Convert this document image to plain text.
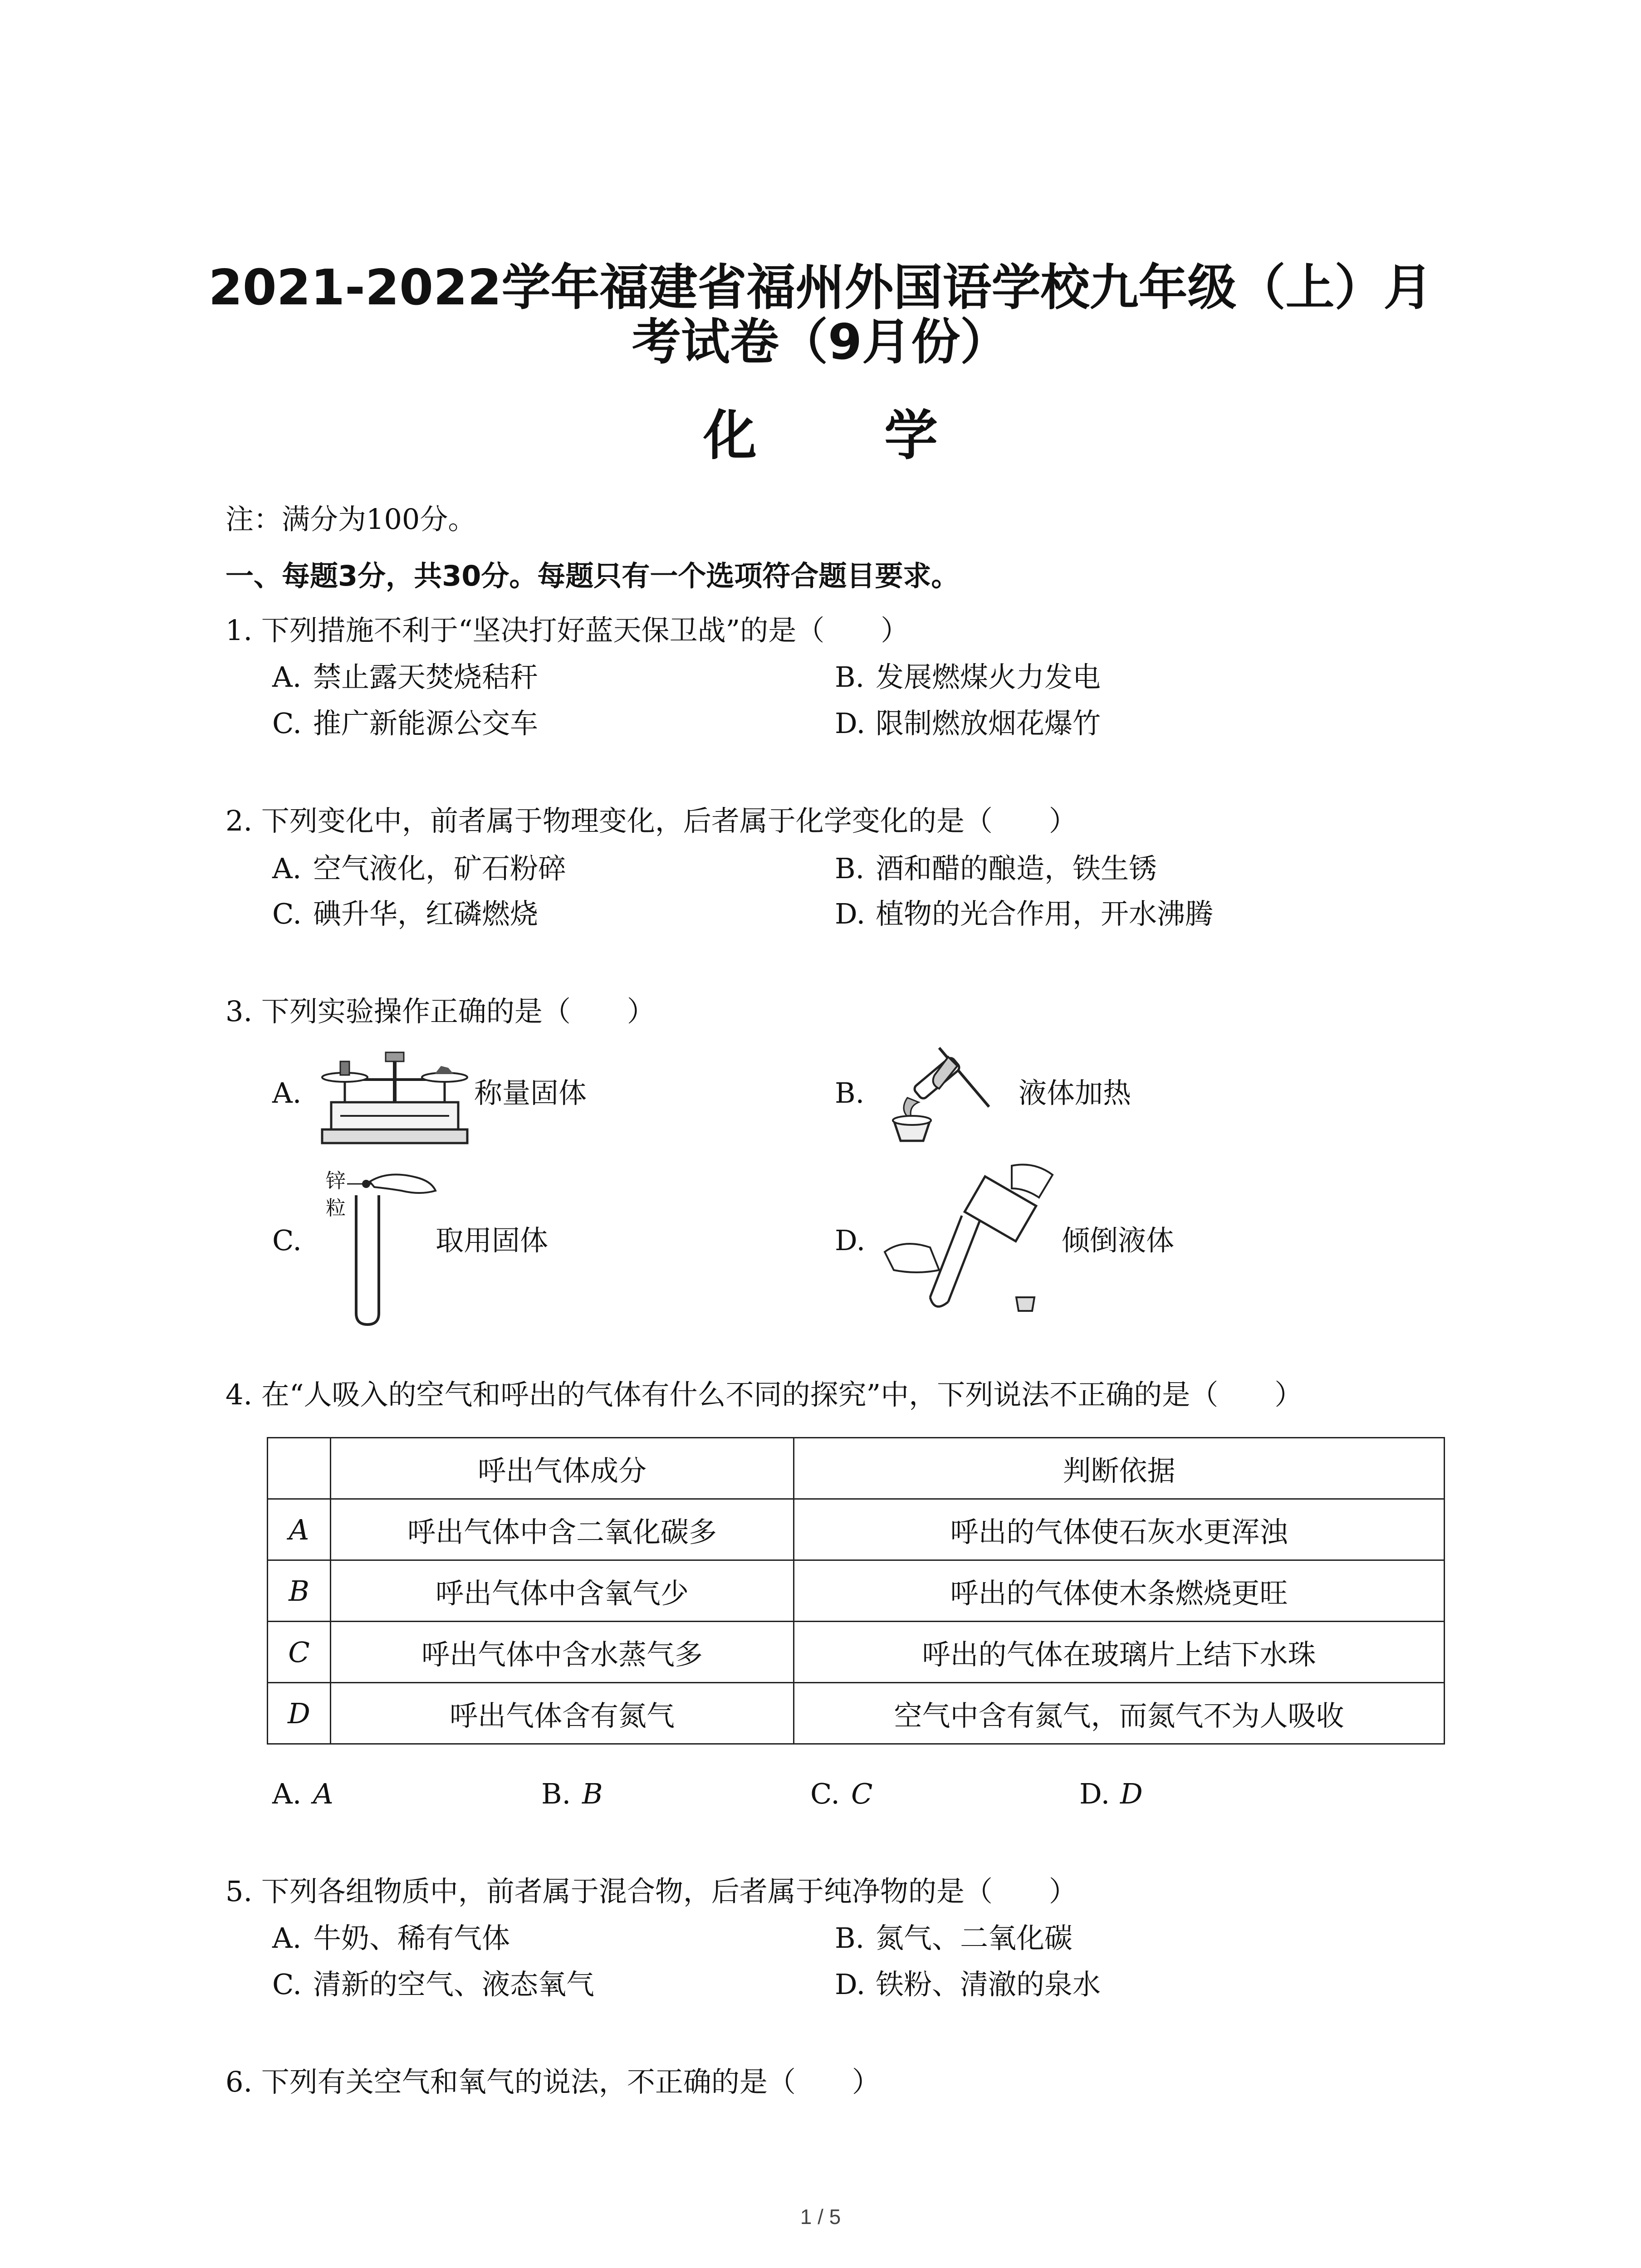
2021-2022学年福建省福州外国语学校九年级（上）月
考试卷（9月份）
化 学
注：满分为100分。
一、每题3分，共30分。每题只有一个选项符合题目要求。
1. 下列措施不利于“坚决打好蓝天保卫战”的是（　　）
A. 禁止露天焚烧秸秆	B. 发展燃煤火力发电
C. 推广新能源公交车	D. 限制燃放烟花爆竹
2. 下列变化中，前者属于物理变化，后者属于化学变化的是（　　）
A. 空气液化，矿石粉碎	B. 酒和醋的酿造，铁生锈
C. 碘升华，红磷燃烧	D. 植物的光合作用，开水沸腾
3. 下列实验操作正确的是（　　）
A.	称量固体	B.	液体加热
C.
锌
粒
取用固体	D.	倾倒液体
4. 在“人吸入的空气和呼出的气体有什么不同的探究”中，下列说法不正确的是（　　）
	呼出气体成分	判断依据
A	呼出气体中含二氧化碳多	呼出的气体使石灰水更浑浊
B	呼出气体中含氧气少	呼出的气体使木条燃烧更旺
C	呼出气体中含水蒸气多	呼出的气体在玻璃片上结下水珠
D	呼出气体含有氮气	空气中含有氮气，而氮气不为人吸收
A. A	B. B	C. C	D. D
5. 下列各组物质中，前者属于混合物，后者属于纯净物的是（　　）
A. 牛奶、稀有气体	B. 氮气、二氧化碳
C. 清新的空气、液态氧气	D. 铁粉、清澈的泉水
6. 下列有关空气和氧气的说法，不正确的是（　　）
1 / 5
